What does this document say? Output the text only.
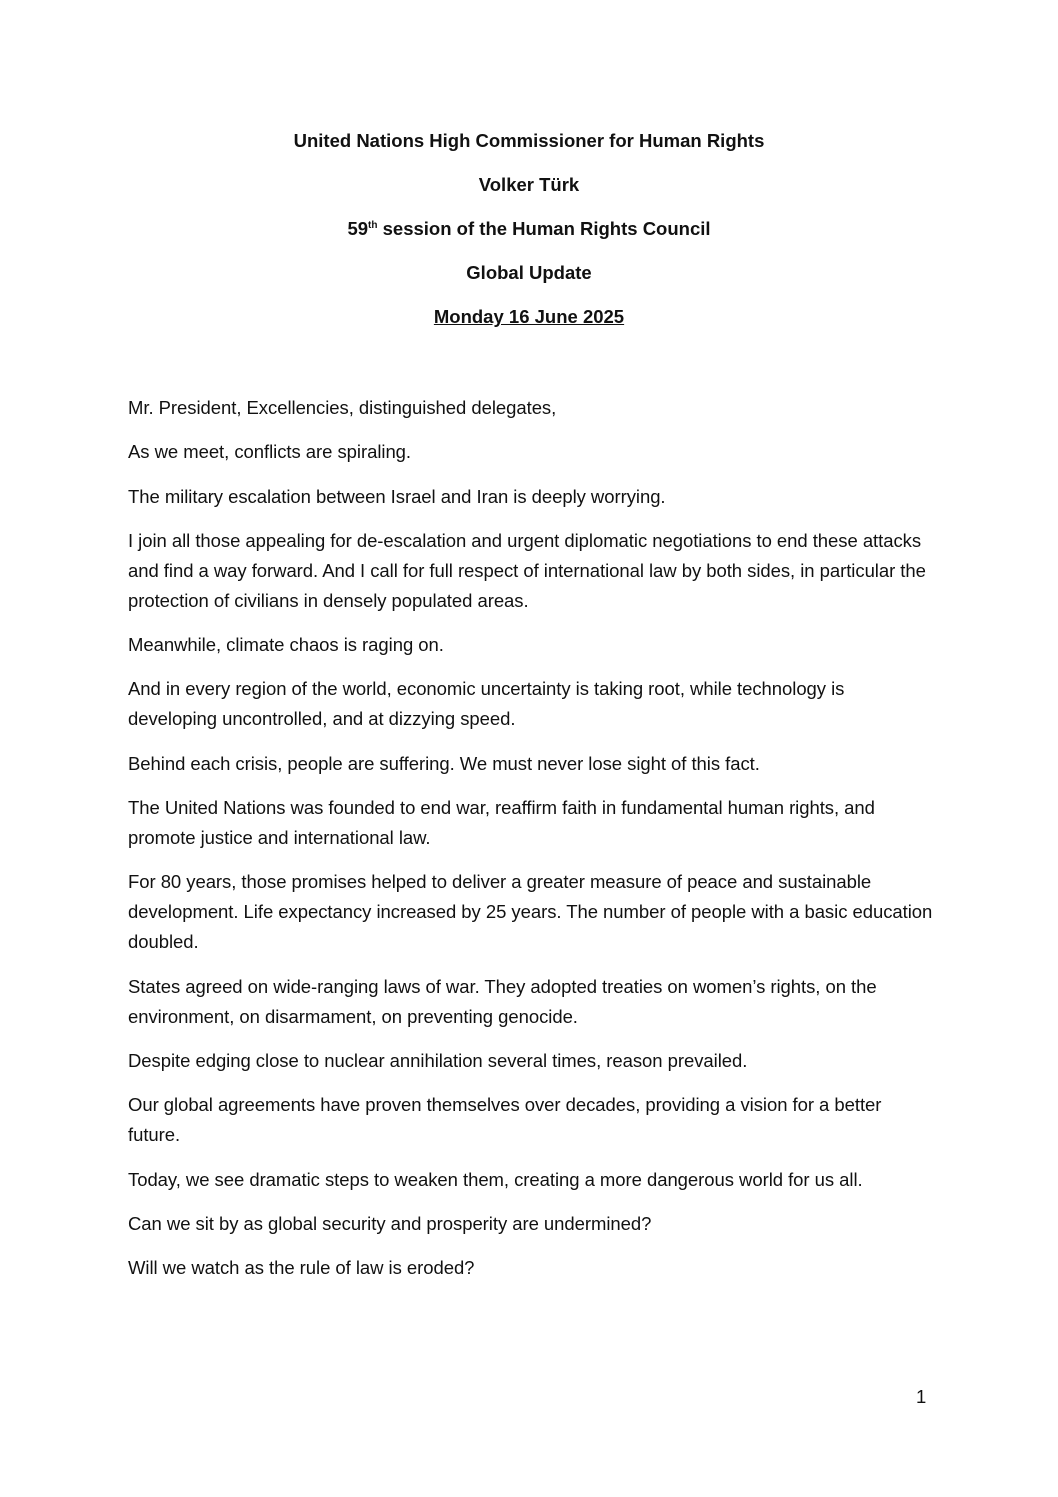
United Nations High Commissioner for Human Rights
Volker Türk
59th session of the Human Rights Council
Global Update
Monday 16 June 2025

Mr. President, Excellencies, distinguished delegates,

As we meet, conflicts are spiraling.

The military escalation between Israel and Iran is deeply worrying.

I join all those appealing for de-escalation and urgent diplomatic negotiations to end these attacks and find a way forward. And I call for full respect of international law by both sides, in particular the protection of civilians in densely populated areas.

Meanwhile, climate chaos is raging on.

And in every region of the world, economic uncertainty is taking root, while technology is developing uncontrolled, and at dizzying speed.

Behind each crisis, people are suffering. We must never lose sight of this fact.

The United Nations was founded to end war, reaffirm faith in fundamental human rights, and promote justice and international law.

For 80 years, those promises helped to deliver a greater measure of peace and sustainable development. Life expectancy increased by 25 years. The number of people with a basic education doubled.

States agreed on wide-ranging laws of war. They adopted treaties on women’s rights, on the environment, on disarmament, on preventing genocide.

Despite edging close to nuclear annihilation several times, reason prevailed.

Our global agreements have proven themselves over decades, providing a vision for a better future.

Today, we see dramatic steps to weaken them, creating a more dangerous world for us all.

Can we sit by as global security and prosperity are undermined?

Will we watch as the rule of law is eroded?

1
